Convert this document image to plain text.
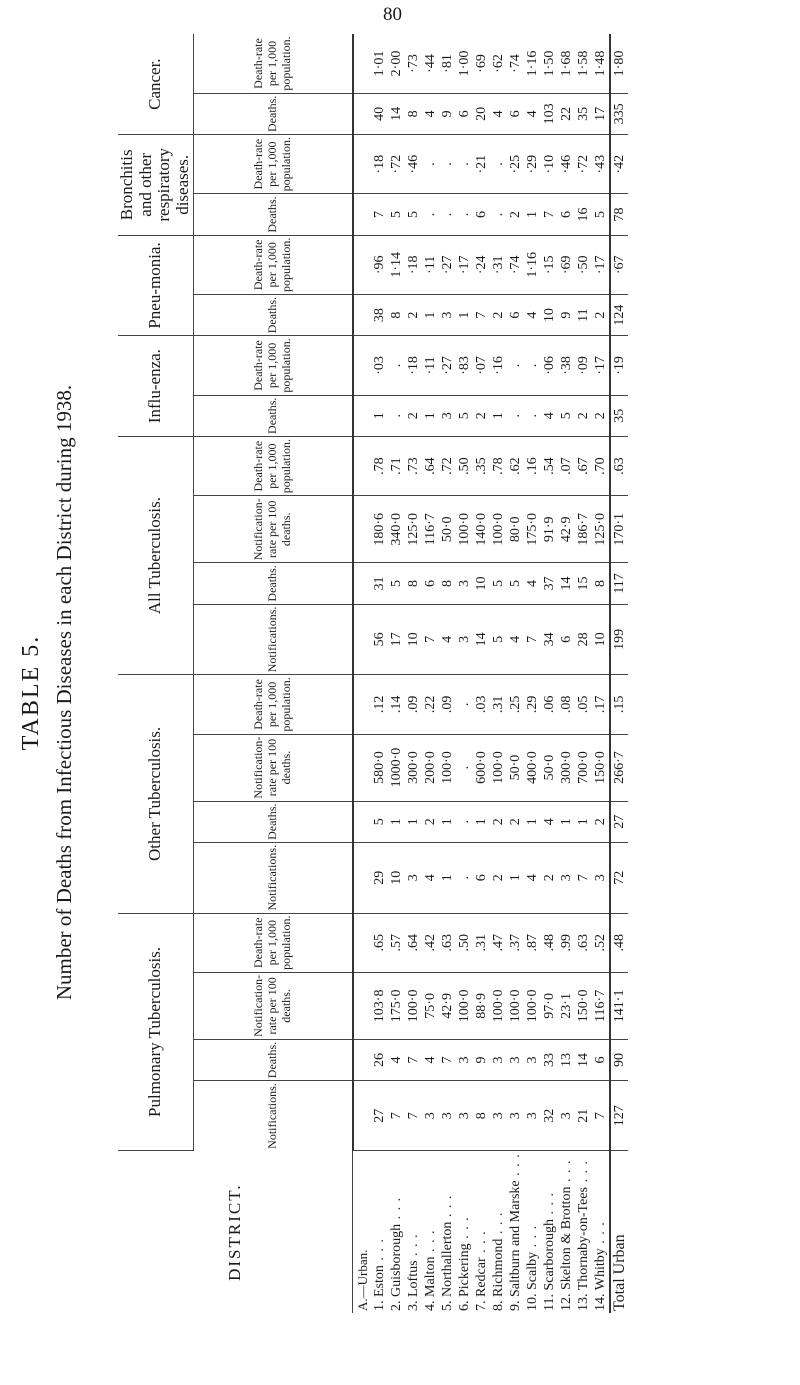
80
TABLE 5. Number of Deaths from Infectious Diseases in each District during 1938.
DISTRICT.	Pulmonary Tuberculosis.				Other Tuberculosis.				All Tuberculosis.				Influ-enza.		Pneu-monia.		Bronchitis and other respiratory diseases.		Cancer.	
	Notifications.	Deaths.	Notification-rate per 100 deaths.	Death-rate per 1,000 population.	Notifications.	Deaths.	Notification-rate per 100 deaths.	Death-rate per 1,000 population.	Notifications.	Deaths.	Notification-rate per 100 deaths.	Death-rate per 1,000 population.	Deaths.	Death-rate per 1,000 population.	Deaths.	Death-rate per 1,000 population.	Deaths.	Death-rate per 1,000 population.	Deaths.	Death-rate per 1,000 population.
A.—Urban.																				
1. Eston . . .	27	26	103·8	.65	29	5	580·0	.12	56	31	180·6	.78	1	·03	38	·96	7	·18	40	1·01
2. Guisborough . . .	7	4	175·0	.57	10	1	1000·0	.14	17	5	340·0	.71	.	.	8	1·14	5	·72	14	2·00
3. Loftus . . .	7	7	100·0	.64	3	1	300·0	.09	10	8	125·0	.73	2	·18	2	·18	5	·46	8	·73
4. Malton . . .	3	4	75·0	.42	4	2	200·0	.22	7	6	116·7	.64	1	·11	1	·11	.	.	4	·44
5. Northallerton . . .	3	7	42·9	.63	1	1	100·0	.09	4	8	50·0	.72	3	·27	3	·27	.	.	9	·81
6. Pickering . . .	3	3	100·0	.50	.	.	.	.	3	3	100·0	.50	5	·83	1	·17	.	.	6	1·00
7. Redcar . . .	8	9	88·9	.31	6	1	600·0	.03	14	10	140·0	.35	2	·07	7	·24	6	·21	20	·69
8. Richmond . . .	3	3	100·0	.47	2	2	100·0	.31	5	5	100·0	.78	1	·16	2	·31	.	.	4	·62
9. Saltburn and Marske . . .	3	3	100·0	.37	1	2	50·0	.25	4	5	80·0	.62	.	.	6	·74	2	·25	6	·74
10. Scalby . . .	3	3	100·0	.87	4	1	400·0	.29	7	4	175·0	.16	.	.	4	1·16	1	·29	4	1·16
11. Scarborough . . .	32	33	97·0	.48	2	4	50·0	.06	34	37	91·9	.54	4	·06	10	·15	7	·10	103	1·50
12. Skelton & Brotton . . .	3	13	23·1	.99	3	1	300·0	.08	6	14	42·9	.07	5	·38	9	·69	6	·46	22	1·68
13. Thornaby-on-Tees . . .	21	14	150·0	.63	7	1	700·0	.05	28	15	186·7	.67	2	·09	11	·50	16	·72	35	1·58
14. Whitby . . .	7	6	116·7	.52	3	2	150·0	.17	10	8	125·0	.70	2	·17	2	·17	5	·43	17	1·48
Total Urban	127	90	141·1	.48	72	27	266·7	.15	199	117	170·1	.63	35	·19	124	·67	78	·42	335	1·80
